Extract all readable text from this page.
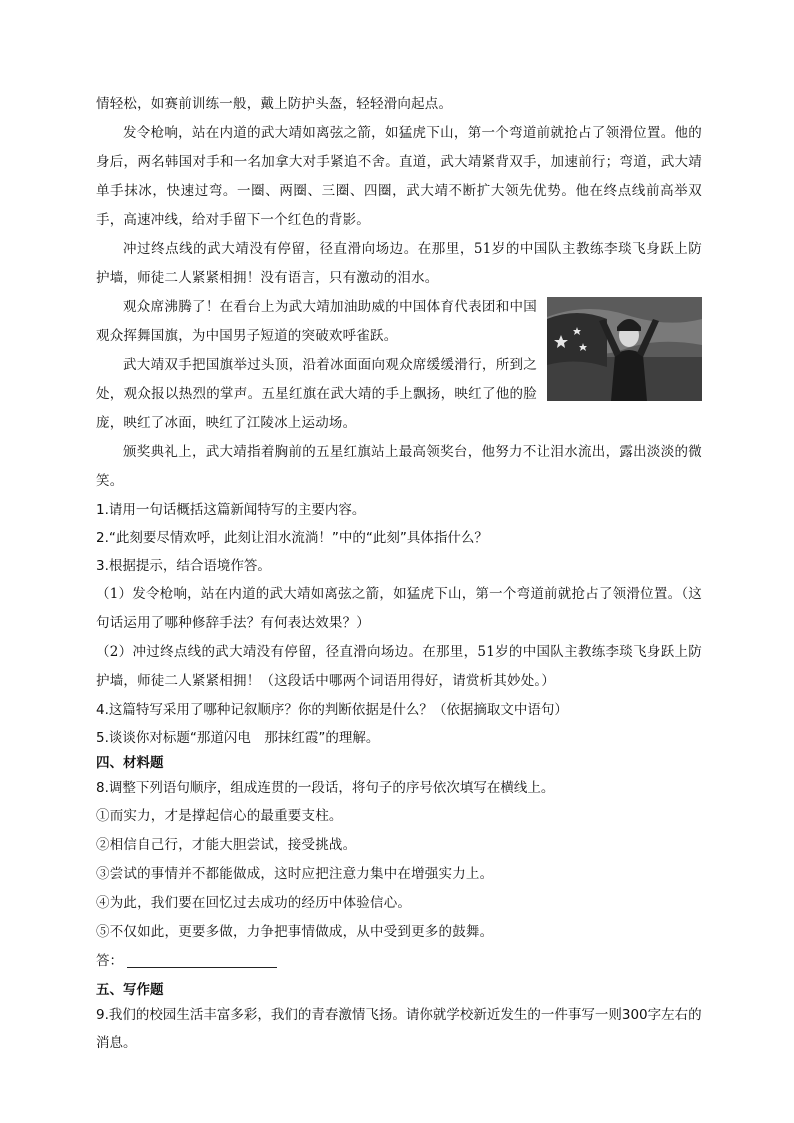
情轻松，如赛前训练一般，戴上防护头盔，轻轻滑向起点。

发令枪响，站在内道的武大靖如离弦之箭，如猛虎下山，第一个弯道前就抢占了领滑位置。他的身后，两名韩国对手和一名加拿大对手紧追不舍。直道，武大靖紧背双手，加速前行；弯道，武大靖单手抹冰，快速过弯。一圈、两圈、三圈、四圈，武大靖不断扩大领先优势。他在终点线前高举双手，高速冲线，给对手留下一个红色的背影。

冲过终点线的武大靖没有停留，径直滑向场边。在那里，51岁的中国队主教练李琰飞身跃上防护墙，师徒二人紧紧相拥！没有语言，只有激动的泪水。

观众席沸腾了！在看台上为武大靖加油助威的中国体育代表团和中国观众挥舞国旗，为中国男子短道的突破欢呼雀跃。

武大靖双手把国旗举过头顶，沿着冰面面向观众席缓缓滑行，所到之处，观众报以热烈的掌声。五星红旗在武大靖的手上飘扬，映红了他的脸庞，映红了冰面，映红了江陵冰上运动场。

颁奖典礼上，武大靖指着胸前的五星红旗站上最高领奖台，他努力不让泪水流出，露出淡淡的微笑。

1.请用一句话概括这篇新闻特写的主要内容。

2.“此刻要尽情欢呼，此刻让泪水流淌！”中的“此刻”具体指什么？

3.根据提示，结合语境作答。

（1）发令枪响，站在内道的武大靖如离弦之箭，如猛虎下山，第一个弯道前就抢占了领滑位置。（这句话运用了哪种修辞手法？有何表达效果？）

（2）冲过终点线的武大靖没有停留，径直滑向场边。在那里，51岁的中国队主教练李琰飞身跃上防护墙，师徒二人紧紧相拥！（这段话中哪两个词语用得好，请赏析其妙处。）

4.这篇特写采用了哪种记叙顺序？你的判断依据是什么？（依据摘取文中语句）

5.谈谈你对标题“那道闪电　那抹红霞”的理解。

四、材料题

8.调整下列语句顺序，组成连贯的一段话，将句子的序号依次填写在横线上。

①而实力，才是撑起信心的最重要支柱。

②相信自己行，才能大胆尝试，接受挑战。

③尝试的事情并不都能做成，这时应把注意力集中在增强实力上。

④为此，我们要在回忆过去成功的经历中体验信心。

⑤不仅如此，更要多做，力争把事情做成，从中受到更多的鼓舞。

答：

五、写作题

9.我们的校园生活丰富多彩，我们的青春激情飞扬。请你就学校新近发生的一件事写一则300字左右的消息。
